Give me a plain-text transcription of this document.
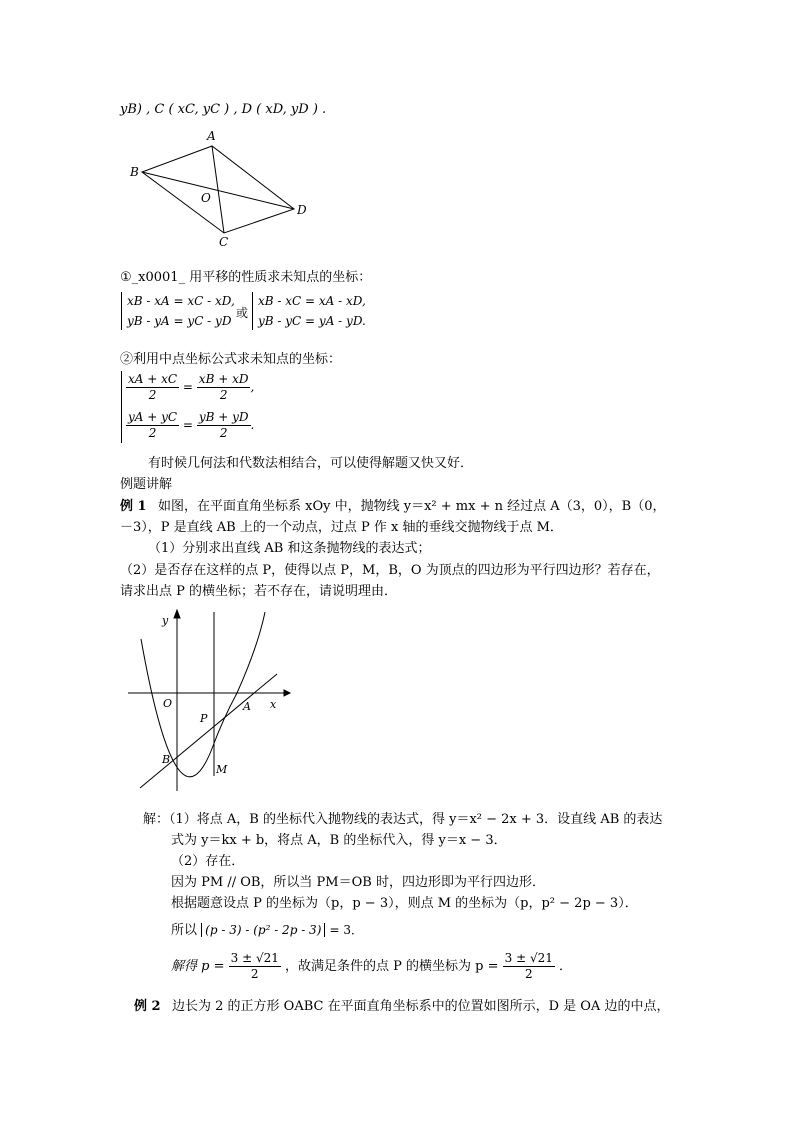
yB) , C ( xC, yC ) , D ( xD, yD ) .
A
B
C
D
O
①_x0001_ 用平移的性质求未知点的坐标：
xB - xA = xC - xD,
yB - yA = yC - yD
或
xB - xC = xA - xD,
yB - yC = yA - yD.
②利用中点坐标公式求未知点的坐标：
$\frac{xA + xC}{2} = \frac{xB + xD}{2}$ ,
$\frac{yA + yC}{2} = \frac{yB + yD}{2}$ .
有时候几何法和代数法相结合，可以使得解题又快又好．
例题讲解
例 1 如图，在平面直角坐标系 xOy 中，抛物线 y＝x² + mx + n 经过点 A（3，0），B（0，
－3），P 是直线 AB 上的一个动点，过点 P 作 x 轴的垂线交抛物线于点 M．
（1）分别求出直线 AB 和这条抛物线的表达式；
（2）是否存在这样的点 P，使得以点 P，M，B，O 为顶点的四边形为平行四边形？若存在，
请求出点 P 的横坐标；若不存在，请说明理由．
y
x
O	A
P
B
M
解：（1）将点 A，B 的坐标代入抛物线的表达式，得 y＝x² − 2x + 3．设直线 AB 的表达
式为 y＝kx + b，将点 A，B 的坐标代入，得 y＝x − 3．
（2）存在．
因为 PM // OB，所以当 PM＝OB 时，四边形即为平行四边形．
根据题意设点 P 的坐标为（p，p − 3），则点 M 的坐标为（p，p² − 2p − 3）．
所以 (p - 3) - (p² - 2p - 3) = 3．
解得 $p = \frac{3 \pm √21}{2}$ ，故满足条件的点 P 的横坐标为 $p = \frac{3 \pm √21}{2}$ ．
例 2 边长为 2 的正方形 OABC 在平面直角坐标系中的位置如图所示，D 是 OA 边的中点，
